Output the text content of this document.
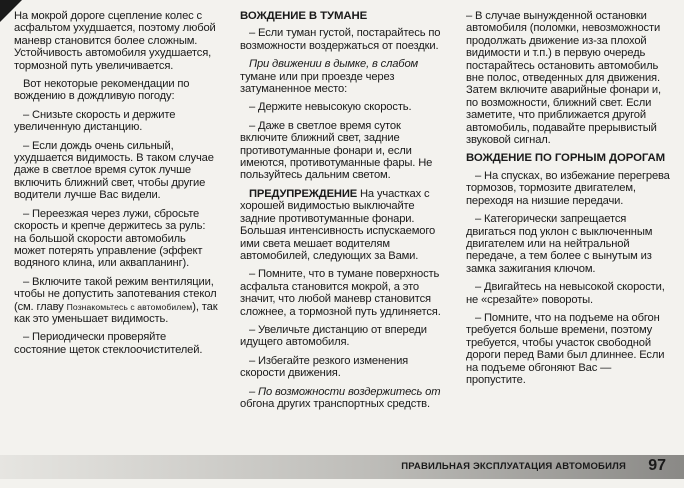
На мокрой дороге сцепление колес с асфальтом ухудшается, поэтому любой маневр становится более сложным. Устойчивость автомобиля ухудшается, тормозной путь увеличивается.

Вот некоторые рекомендации по вождению в дождливую погоду:

– Снизьте скорость и держите увеличенную дистанцию.

– Если дождь очень сильный, ухудшается видимость. В таком случае даже в светлое время суток лучше включить ближний свет, чтобы другие водители лучше Вас видели.

– Переезжая через лужи, сбросьте скорость и крепче держитесь за руль: на большой скорости автомобиль может потерять управление (эффект водяного клина, или аквапланинг).

– Включите такой режим вентиляции, чтобы не допустить запотевания стекол (см. главу Познакомьтесь с автомобилем), так как это уменьшает видимость.

– Периодически проверяйте состояние щеток стеклоочистителей.

ВОЖДЕНИЕ В ТУМАНЕ

– Если туман густой, постарайтесь по возможности воздержаться от поездки.

При движении в дымке, в слабом тумане или при проезде через затуманенное место:

– Держите невысокую скорость.

– Даже в светлое время суток включите ближний свет, задние противотуманные фонари и, если имеются, противотуманные фары. Не пользуйтесь дальним светом.

ПРЕДУПРЕЖДЕНИЕ На участках с хорошей видимостью выключайте задние противотуманные фонари. Большая интенсивность испускаемого ими света мешает водителям автомобилей, следующих за Вами.

– Помните, что в тумане поверхность асфальта становится мокрой, а это значит, что любой маневр становится сложнее, а тормозной путь удлиняется.

– Увеличьте дистанцию от впереди идущего автомобиля.

– Избегайте резкого изменения скорости движения.

– По возможности воздержитесь от обгона других транспортных средств.

– В случае вынужденной остановки автомобиля (поломки, невозможности продолжать движение из-за плохой видимости и т.п.) в первую очередь постарайтесь остановить автомобиль вне полос, отведенных для движения. Затем включите аварийные фонари и, по возможности, ближний свет. Если заметите, что приближается другой автомобиль, подавайте прерывистый звуковой сигнал.

ВОЖДЕНИЕ ПО ГОРНЫМ ДОРОГАМ

– На спусках, во избежание перегрева тормозов, тормозите двигателем, переходя на низшие передачи.

– Категорически запрещается двигаться под уклон с выключенным двигателем или на нейтральной передаче, а тем более с вынутым из замка зажигания ключом.

– Двигайтесь на невысокой скорости, не «срезайте» повороты.

– Помните, что на подъеме на обгон требуется больше времени, поэтому требуется, чтобы участок свободной дороги перед Вами был длиннее. Если на подъеме обгоняют Вас — пропустите.

ПРАВИЛЬНАЯ ЭКСПЛУАТАЦИЯ АВТОМОБИЛЯ 97
